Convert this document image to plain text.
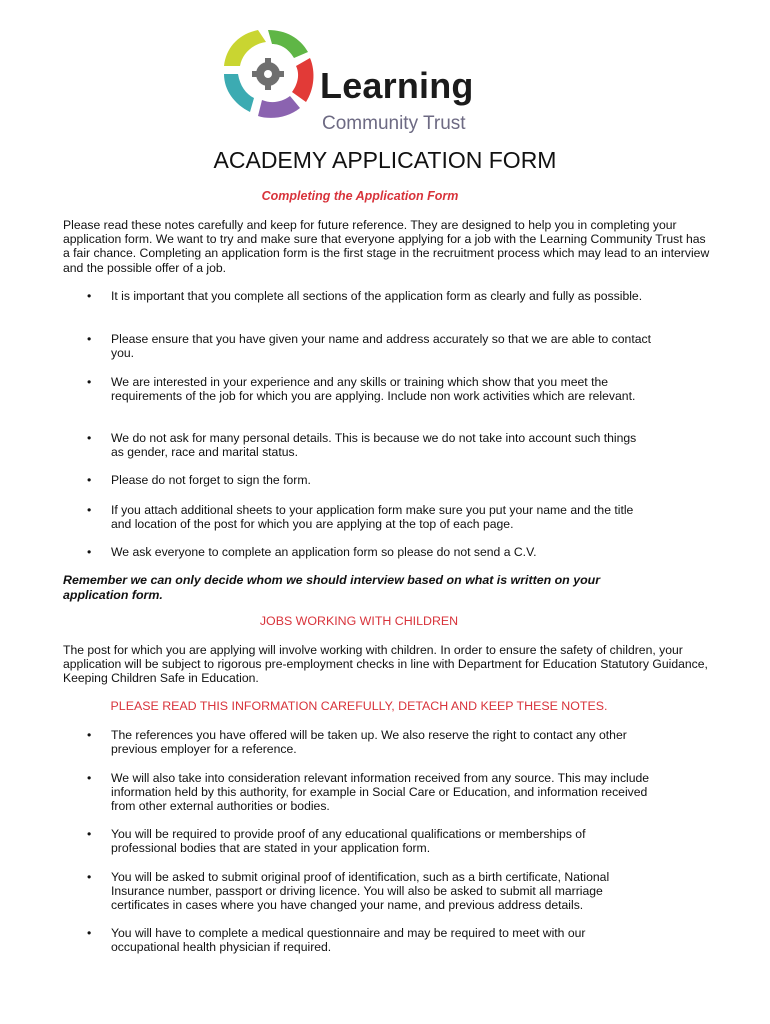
Learning
Community Trust
ACADEMY APPLICATION FORM
Completing the Application Form
Please read these notes carefully and keep for future reference. They are designed to help you in completing your application form. We want to try and make sure that everyone applying for a job with the Learning Community Trust has a fair chance. Completing an application form is the first stage in the recruitment process which may lead to an interview and the possible offer of a job.
• It is important that you complete all sections of the application form as clearly and fully as possible.
• Please ensure that you have given your name and address accurately so that we are able to contact you.
• We are interested in your experience and any skills or training which show that you meet the requirements of the job for which you are applying. Include non work activities which are relevant.
• We do not ask for many personal details. This is because we do not take into account such things as gender, race and marital status.
• Please do not forget to sign the form.
• If you attach additional sheets to your application form make sure you put your name and the title and location of the post for which you are applying at the top of each page.
• We ask everyone to complete an application form so please do not send a C.V.
Remember we can only decide whom we should interview based on what is written on your application form.
JOBS WORKING WITH CHILDREN
The post for which you are applying will involve working with children. In order to ensure the safety of children, your application will be subject to rigorous pre-employment checks in line with Department for Education Statutory Guidance, Keeping Children Safe in Education.
PLEASE READ THIS INFORMATION CAREFULLY, DETACH AND KEEP THESE NOTES.
• The references you have offered will be taken up. We also reserve the right to contact any other previous employer for a reference.
• We will also take into consideration relevant information received from any source. This may include information held by this authority, for example in Social Care or Education, and information received from other external authorities or bodies.
• You will be required to provide proof of any educational qualifications or memberships of professional bodies that are stated in your application form.
• You will be asked to submit original proof of identification, such as a birth certificate, National Insurance number, passport or driving licence. You will also be asked to submit all marriage certificates in cases where you have changed your name, and previous address details.
• You will have to complete a medical questionnaire and may be required to meet with our occupational health physician if required.
